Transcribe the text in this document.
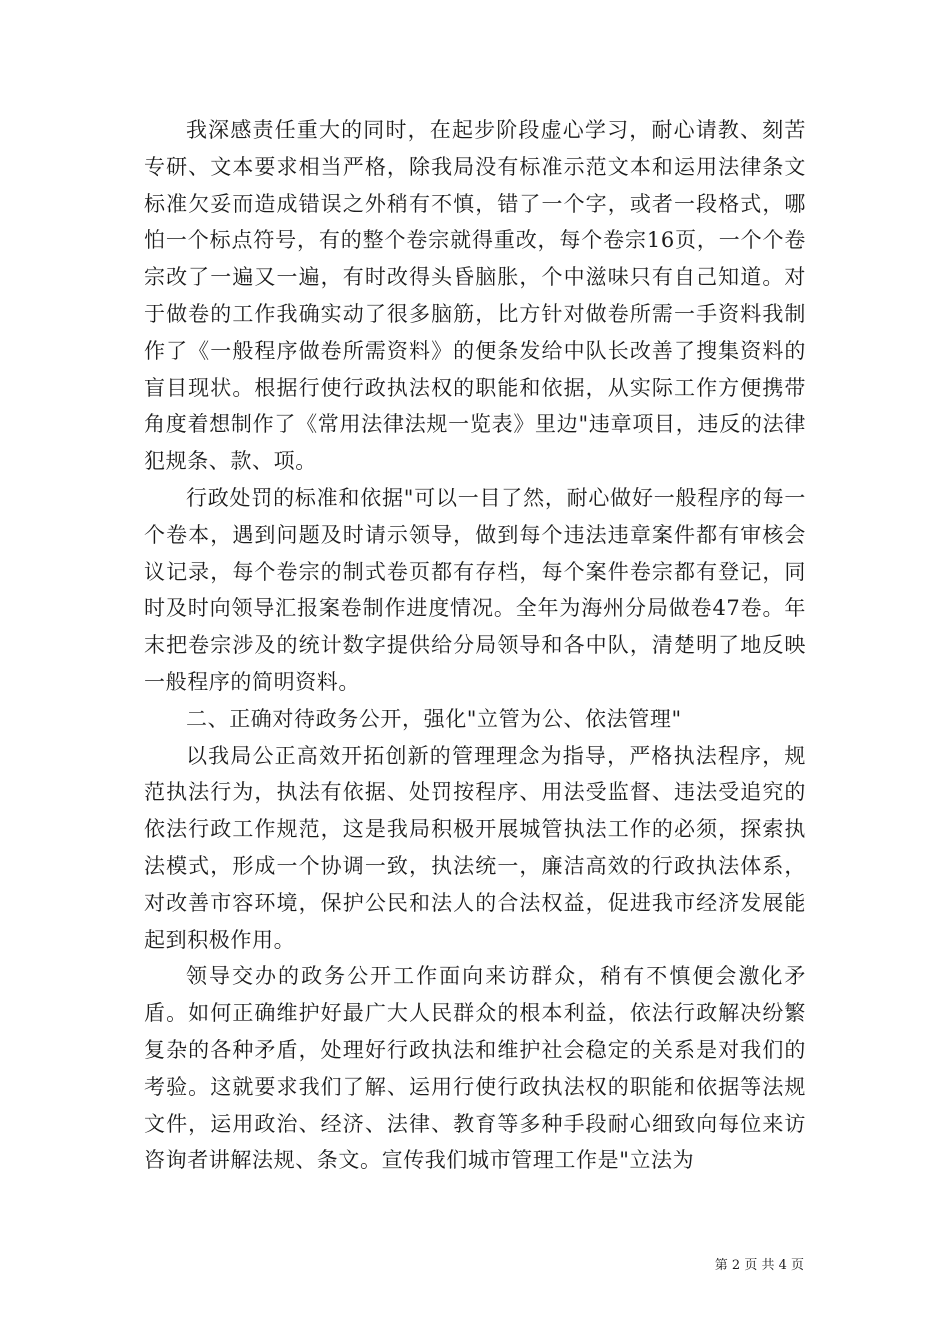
我深感责任重大的同时，在起步阶段虚心学习，耐心请教、刻苦专研、文本要求相当严格，除我局没有标准示范文本和运用法律条文标准欠妥而造成错误之外稍有不慎，错了一个字，或者一段格式，哪怕一个标点符号，有的整个卷宗就得重改，每个卷宗16页，一个个卷宗改了一遍又一遍，有时改得头昏脑胀，个中滋味只有自己知道。对于做卷的工作我确实动了很多脑筋，比方针对做卷所需一手资料我制作了《一般程序做卷所需资料》的便条发给中队长改善了搜集资料的盲目现状。根据行使行政执法权的职能和依据，从实际工作方便携带角度着想制作了《常用法律法规一览表》里边"违章项目，违反的法律犯规条、款、项。

行政处罚的标准和依据"可以一目了然，耐心做好一般程序的每一个卷本，遇到问题及时请示领导，做到每个违法违章案件都有审核会议记录，每个卷宗的制式卷页都有存档，每个案件卷宗都有登记，同时及时向领导汇报案卷制作进度情况。全年为海州分局做卷47卷。年末把卷宗涉及的统计数字提供给分局领导和各中队，清楚明了地反映一般程序的简明资料。

二、正确对待政务公开，强化"立管为公、依法管理"

以我局公正高效开拓创新的管理理念为指导，严格执法程序，规范执法行为，执法有依据、处罚按程序、用法受监督、违法受追究的依法行政工作规范，这是我局积极开展城管执法工作的必须，探索执法模式，形成一个协调一致，执法统一，廉洁高效的行政执法体系，对改善市容环境，保护公民和法人的合法权益，促进我市经济发展能起到积极作用。

领导交办的政务公开工作面向来访群众，稍有不慎便会激化矛盾。如何正确维护好最广大人民群众的根本利益，依法行政解决纷繁复杂的各种矛盾，处理好行政执法和维护社会稳定的关系是对我们的考验。这就要求我们了解、运用行使行政执法权的职能和依据等法规文件，运用政治、经济、法律、教育等多种手段耐心细致向每位来访咨询者讲解法规、条文。宣传我们城市管理工作是"立法为

第 2 页 共 4 页
